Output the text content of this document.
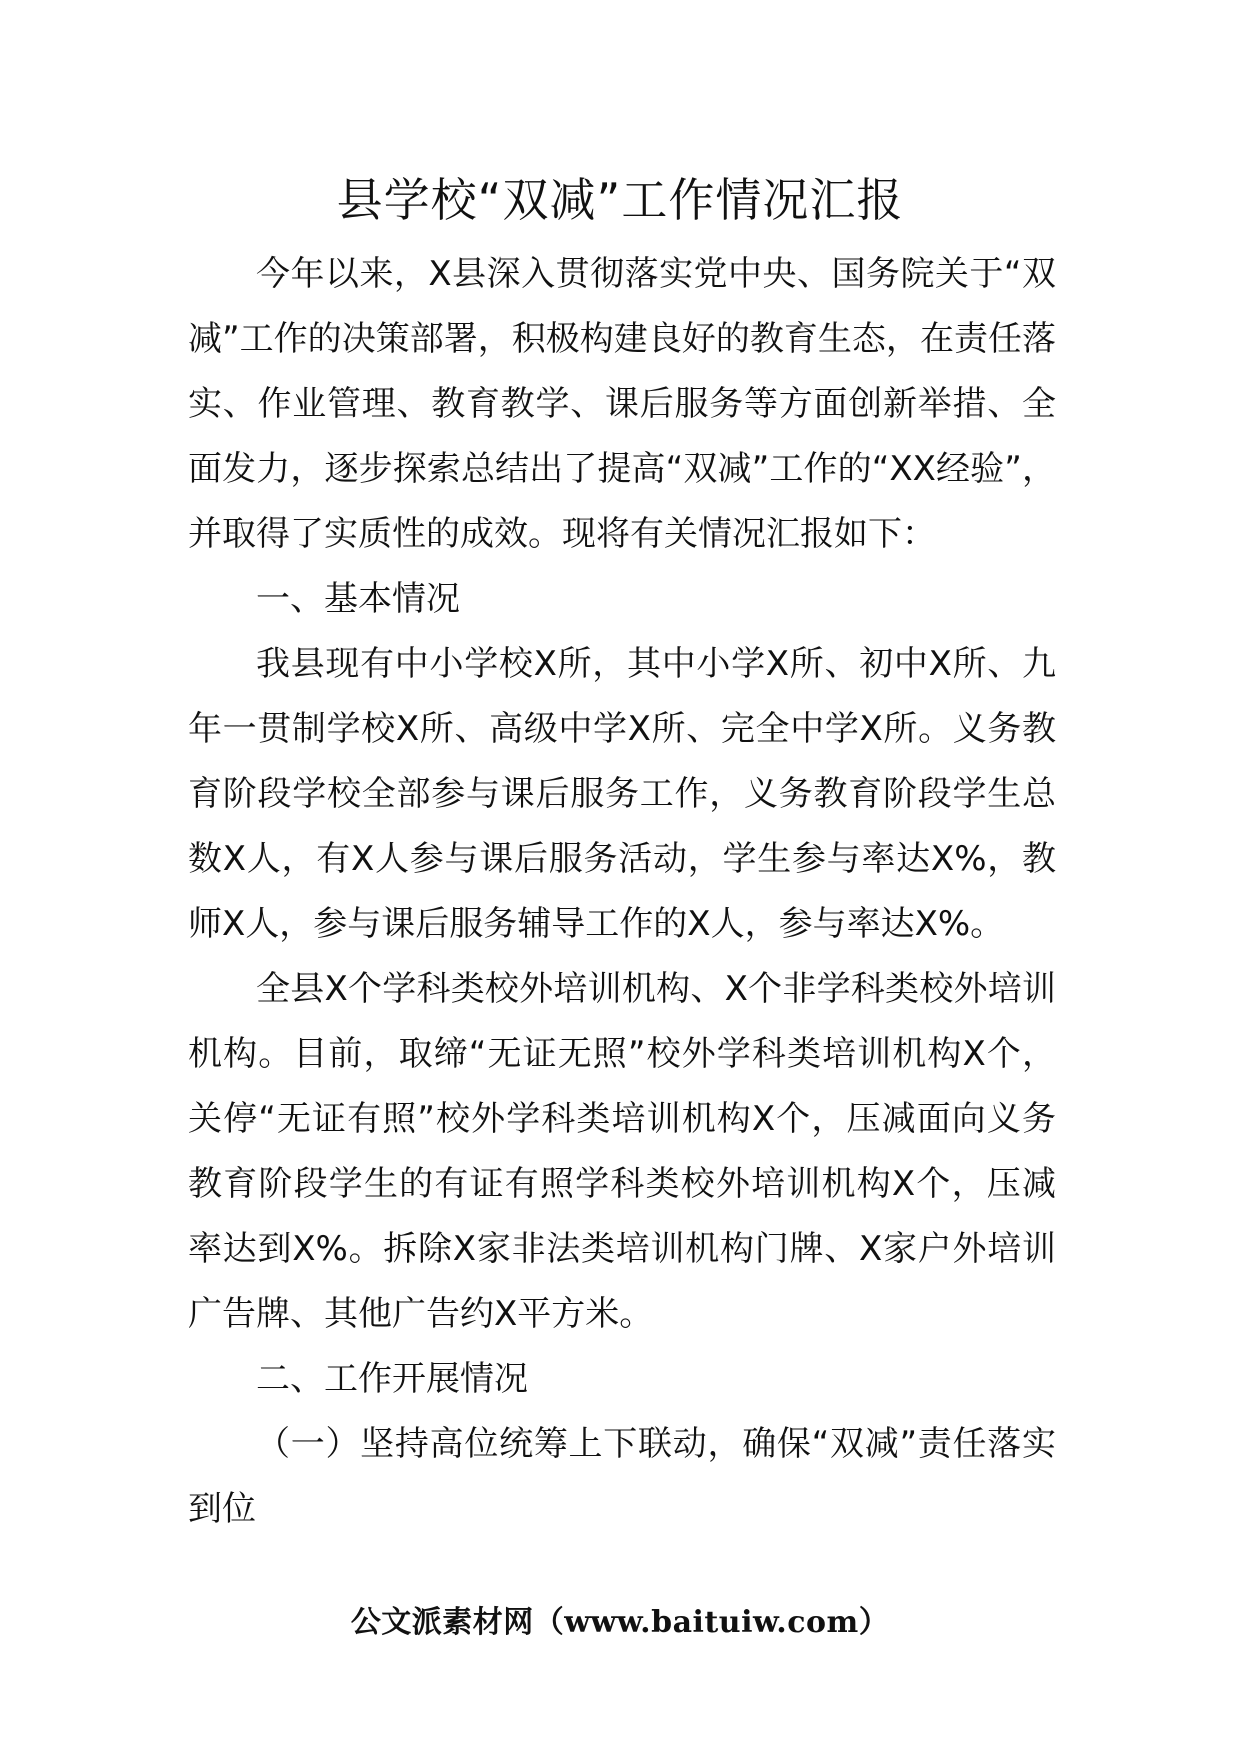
县学校“双减”工作情况汇报

今年以来，X县深入贯彻落实党中央、国务院关于“双减”工作的决策部署，积极构建良好的教育生态，在责任落实、作业管理、教育教学、课后服务等方面创新举措、全面发力，逐步探索总结出了提高“双减”工作的“XX经验”，并取得了实质性的成效。现将有关情况汇报如下：

一、基本情况

我县现有中小学校X所，其中小学X所、初中X所、九年一贯制学校X所、高级中学X所、完全中学X所。义务教育阶段学校全部参与课后服务工作，义务教育阶段学生总数X人，有X人参与课后服务活动，学生参与率达X%，教师X人，参与课后服务辅导工作的X人，参与率达X%。

全县X个学科类校外培训机构、X个非学科类校外培训机构。目前，取缔“无证无照”校外学科类培训机构X个，关停“无证有照”校外学科类培训机构X个，压减面向义务教育阶段学生的有证有照学科类校外培训机构X个，压减率达到X%。拆除X家非法类培训机构门牌、X家户外培训广告牌、其他广告约X平方米。

二、工作开展情况

（一）坚持高位统筹上下联动，确保“双减”责任落实到位

公文派素材网（www.baituiw.com）
